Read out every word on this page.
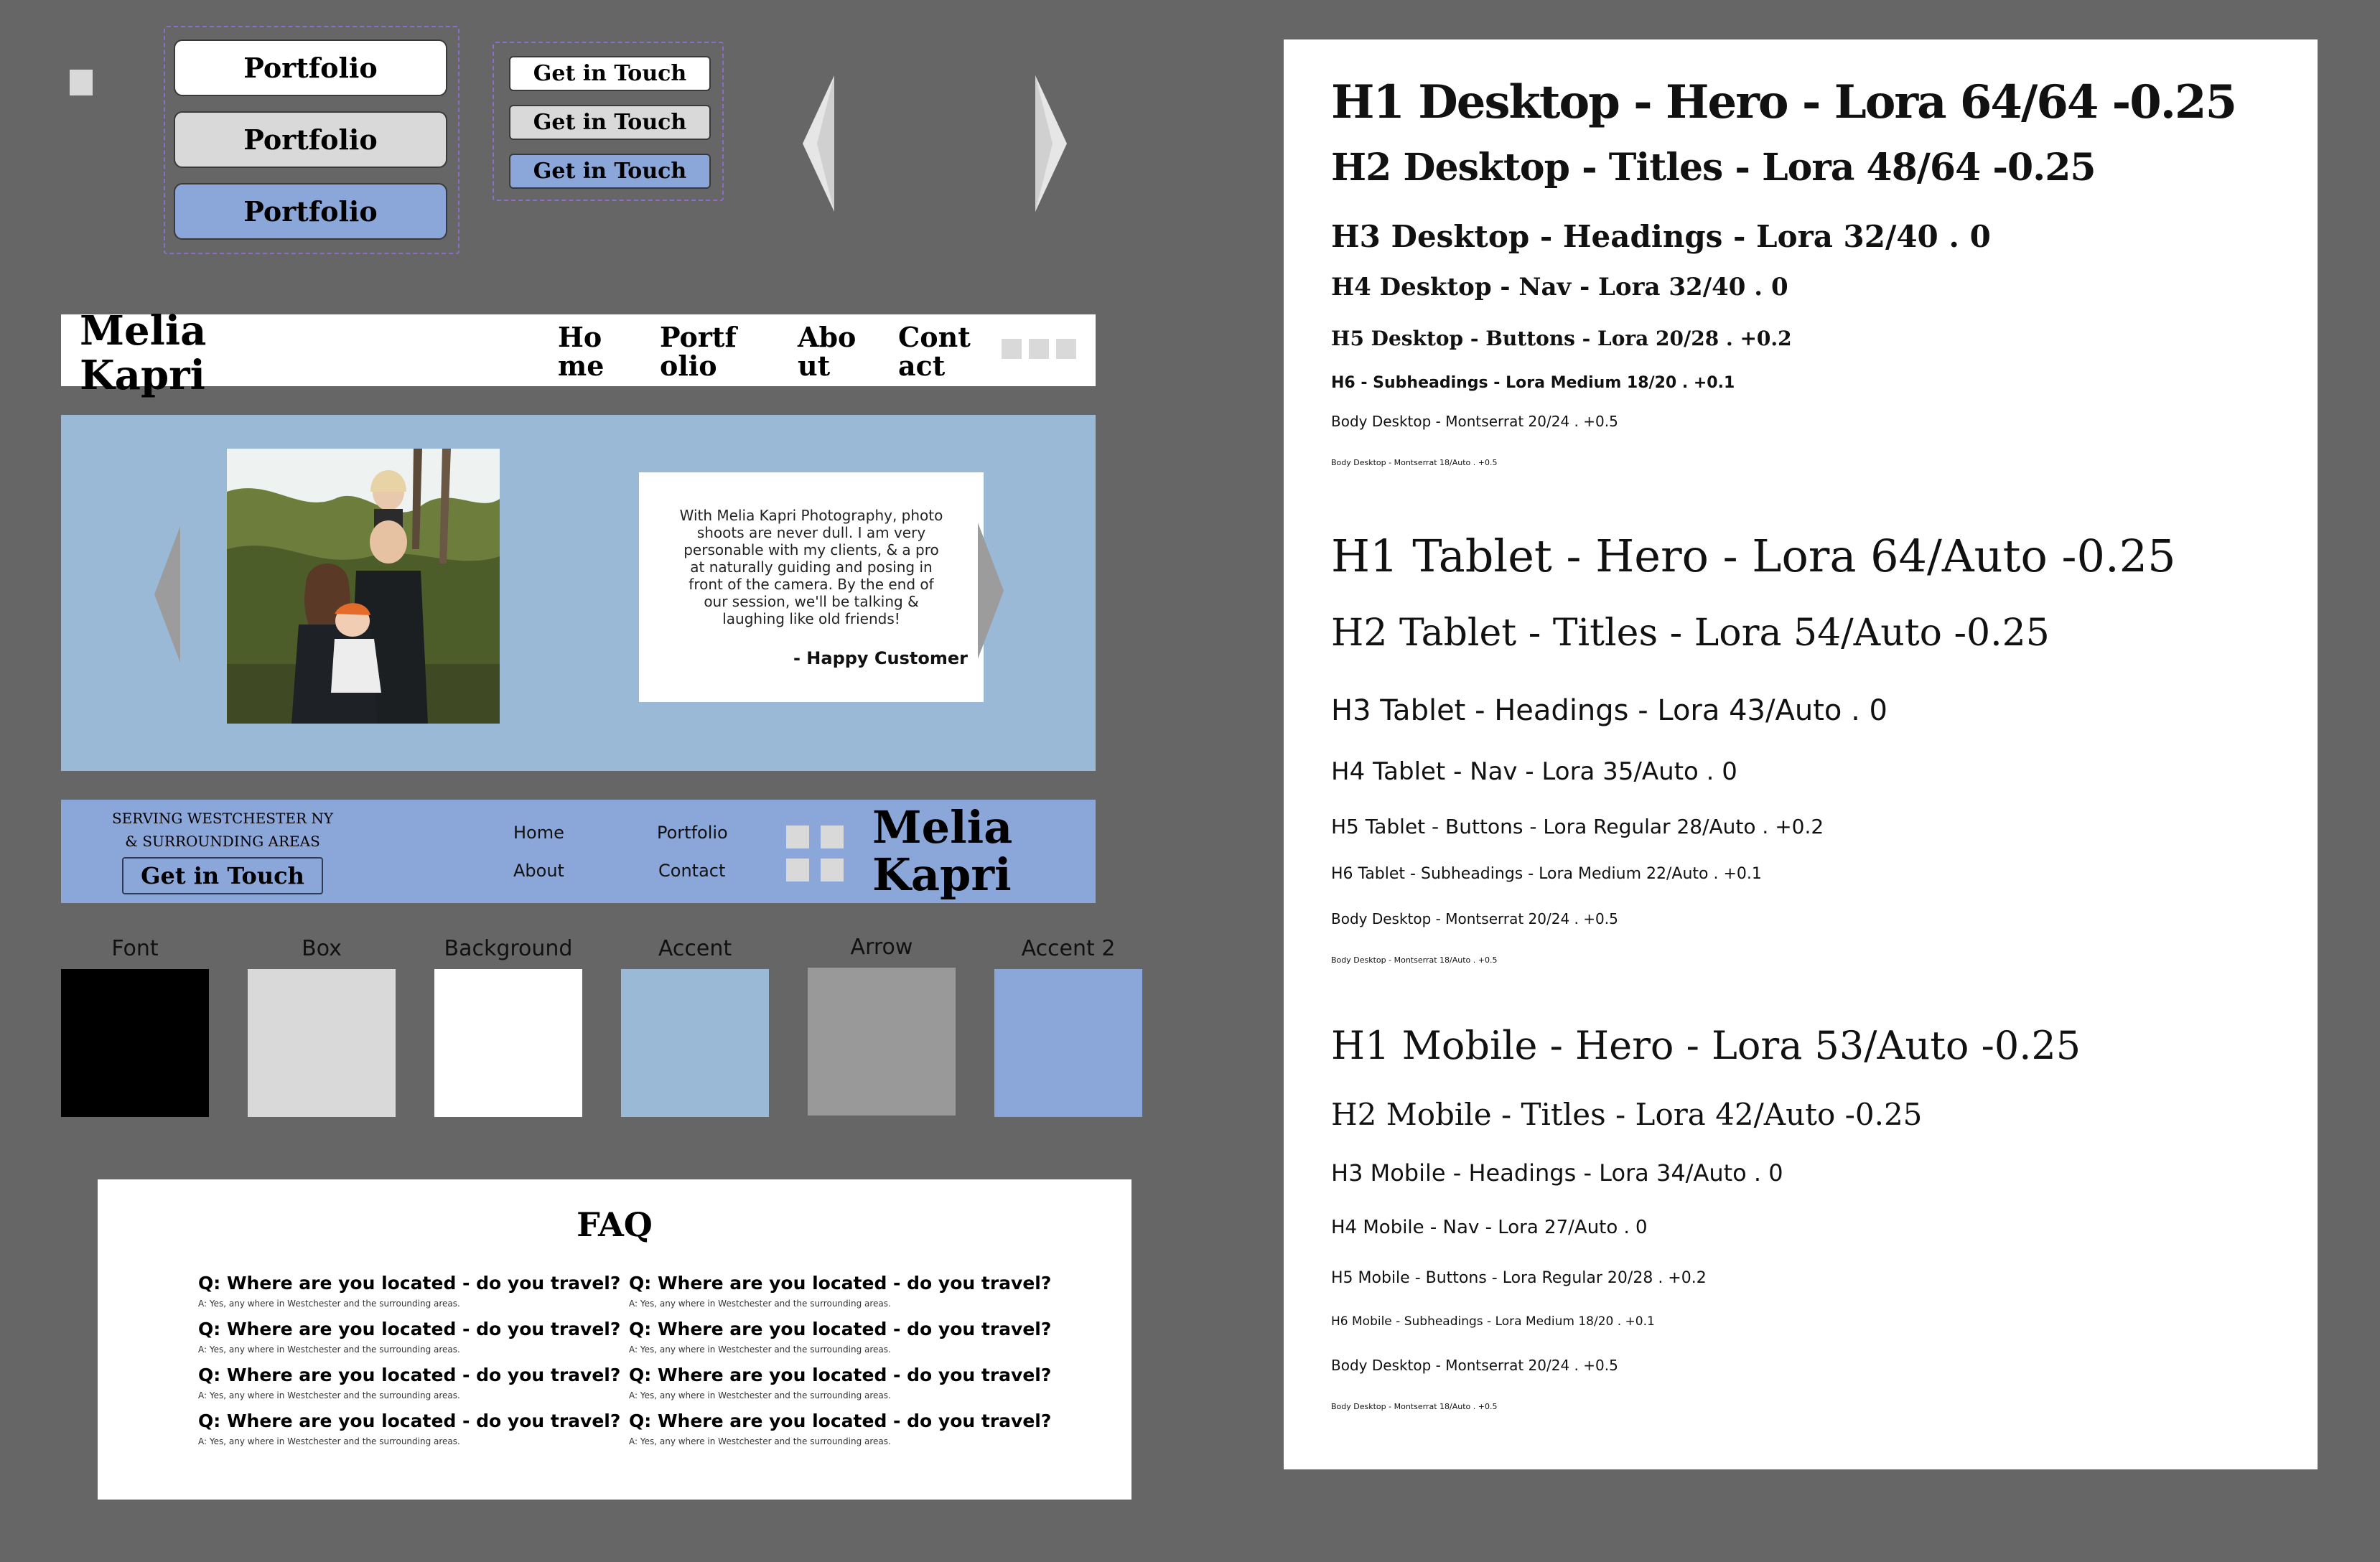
Portfolio
Portfolio
Portfolio
Get in Touch
Get in Touch
Get in Touch
Melia Kapri
Home
Portfolio
About
Contact
With Melia Kapri Photography, photo shoots are never dull. I am very personable with my clients, & a pro at naturally guiding and posing in front of the camera. By the end of our session, we'll be talking & laughing like old friends!
- Happy Customer
SERVING WESTCHESTER NY & SURROUNDING AREAS
Get in Touch
Home	Portfolio
About	Contact
Melia Kapri
Font	Box	Background	Accent	Arrow	Accent 2
FAQ
Q: Where are you located - do you travel?
A: Yes, any where in Westchester and the surrounding areas.
Q: Where are you located - do you travel?
A: Yes, any where in Westchester and the surrounding areas.
Q: Where are you located - do you travel?
A: Yes, any where in Westchester and the surrounding areas.
Q: Where are you located - do you travel?
A: Yes, any where in Westchester and the surrounding areas.
Q: Where are you located - do you travel?
A: Yes, any where in Westchester and the surrounding areas.
Q: Where are you located - do you travel?
A: Yes, any where in Westchester and the surrounding areas.
Q: Where are you located - do you travel?
A: Yes, any where in Westchester and the surrounding areas.
Q: Where are you located - do you travel?
A: Yes, any where in Westchester and the surrounding areas.
H1 Desktop - Hero - Lora 64/64 -0.25
H2 Desktop - Titles - Lora 48/64 -0.25
H3 Desktop - Headings - Lora 32/40 . 0
H4 Desktop - Nav - Lora 32/40 . 0
H5 Desktop - Buttons - Lora 20/28 . +0.2
H6 - Subheadings - Lora Medium 18/20 . +0.1
Body Desktop - Montserrat 20/24 . +0.5
Body Desktop - Montserrat 18/Auto . +0.5
H1 Tablet - Hero - Lora 64/Auto -0.25
H2 Tablet - Titles - Lora 54/Auto -0.25
H3 Tablet - Headings - Lora 43/Auto . 0
H4 Tablet - Nav - Lora 35/Auto . 0
H5 Tablet - Buttons - Lora Regular 28/Auto . +0.2
H6 Tablet - Subheadings - Lora Medium 22/Auto . +0.1
Body Desktop - Montserrat 20/24 . +0.5
Body Desktop - Montserrat 18/Auto . +0.5
H1 Mobile - Hero - Lora 53/Auto -0.25
H2 Mobile - Titles - Lora 42/Auto -0.25
H3 Mobile - Headings - Lora 34/Auto . 0
H4 Mobile - Nav - Lora 27/Auto . 0
H5 Mobile - Buttons - Lora Regular 20/28 . +0.2
H6 Mobile - Subheadings - Lora Medium 18/20 . +0.1
Body Desktop - Montserrat 20/24 . +0.5
Body Desktop - Montserrat 18/Auto . +0.5
